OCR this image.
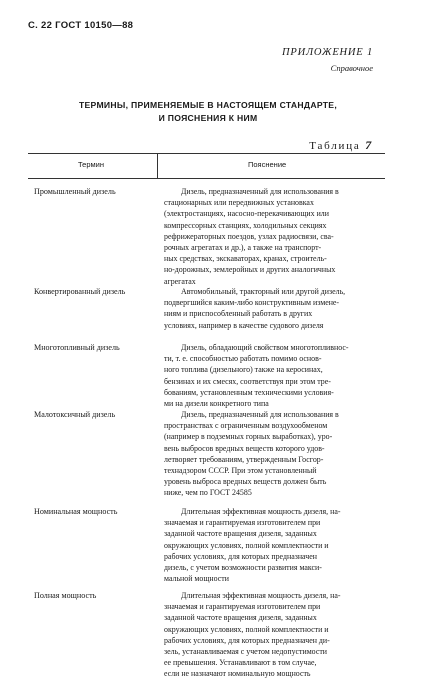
С. 22 ГОСТ 10150—88
ПРИЛОЖЕНИЕ 1
Справочное
ТЕРМИНЫ, ПРИМЕНЯЕМЫЕ В НАСТОЯЩЕМ СТАНДАРТЕ,
И ПОЯСНЕНИЯ К НИМ
Таблица 7
Термин	Пояснение
Промышленный дизель	Дизель, предназначенный для использования в
стационарных или передвижных установках
(электростанциях, насосно-перекачивающих или
компрессорных станциях, холодильных секциях
рефрижераторных поездов, узлах радиосвязи, сва-
рочных агрегатах и др.), а также на транспорт-
ных средствах, экскаваторах, кранах, строитель-
но-дорожных, землеройных и других аналогичных
агрегатах
Конвертированный дизель	Автомобильный, тракторный или другой дизель,
подвергшийся каким-либо конструктивным измене-
ниям и приспособленный работать в других
условиях, например в качестве судового дизеля
Многотопливный дизель	Дизель, обладающий свойством многотопливнос-
ти, т. е. способностью работать помимо основ-
ного топлива (дизельного) также на керосинах,
бензинах и их смесях, соответствуя при этом тре-
бованиям, установленным техническими условия-
ми на дизели конкретного типа
Малотоксичный дизель	Дизель, предназначенный для использования в
пространствах с ограниченным воздухообменом
(например в подземных горных выработках), уро-
вень выбросов вредных веществ которого удов-
летворяет требованиям, утвержденным Госгор-
технадзором СССР. При этом установленный
уровень выброса вредных веществ должен быть
ниже, чем по ГОСТ 24585
Номинальная мощность	Длительная эффективная мощность дизеля, на-
значаемая и гарантируемая изготовителем при
заданной частоте вращения дизеля, заданных
окружающих условиях, полной комплектности и
рабочих условиях, для которых предназначен
дизель, с учетом возможности развития макси-
мальной мощности
Полная мощность	Длительная эффективная мощность дизеля, на-
значаемая и гарантируемая изготовителем при
заданной частоте вращения дизеля, заданных
окружающих условиях, полной комплектности и
рабочих условиях, для которых предназначен ди-
зель, устанавливаемая с учетом недопустимости
ее превышения. Устанавливают в том случае,
если не назначают номинальную мощность
